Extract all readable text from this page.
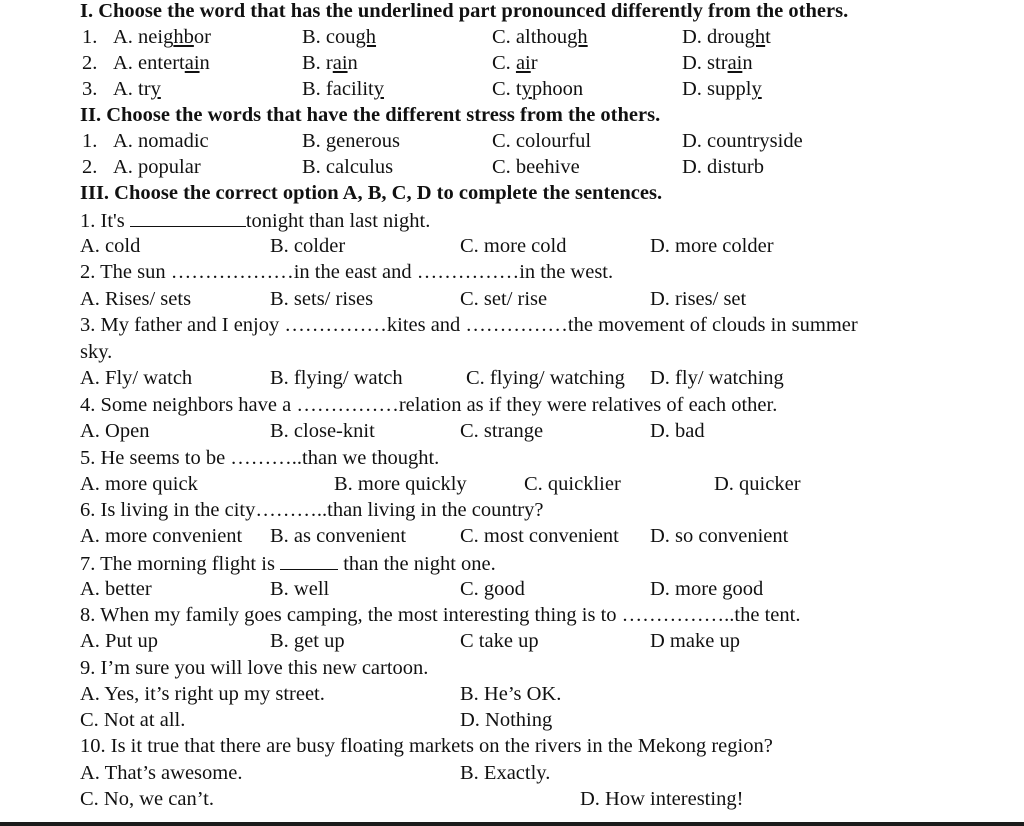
I. Choose the word that has the underlined part pronounced differently from the others.
1. A. neighbor	B. cough	C. although	D. drought
2. A. entertain	B. rain	C. air	D. strain
3. A. try	B. facility	C. typhoon	D. supply
II. Choose the words that have the different stress from the others.
1. A. nomadic	B. generous	C. colourful	D. countryside
2. A. popular	B. calculus	C. beehive	D. disturb
III. Choose the correct option A, B, C, D to complete the sentences.
1. It's	tonight than last night.
A. cold	B. colder	C. more cold	D. more colder
2. The sun ………………in the east and ……………in the west.
A. Rises/ sets	B. sets/ rises	C. set/ rise	D. rises/ set
3. My father and I enjoy ……………kites and ……………the movement of clouds in summer
sky.
A. Fly/ watch	B. flying/ watch	C. flying/ watching D. fly/ watching
4. Some neighbors have a ……………relation as if they were relatives of each other.
A. Open	B. close-knit	C. strange	D. bad
5. He seems to be ………..than we thought.
A. more quick	B. more quickly	C. quicklier	D. quicker
6. Is living in the city………..than living in the country?
A. more convenient B. as convenient	C. most convenient D. so convenient
7. The morning flight is	than the night one.
A. better	B. well	C. good	D. more good
8. When my family goes camping, the most interesting thing is to ……………..the tent.
A. Put up	B. get up	C take up	D make up
9. I’m sure you will love this new cartoon.
A. Yes, it’s right up my street.	B. He’s OK.
C. Not at all.	D. Nothing
10. Is it true that there are busy floating markets on the rivers in the Mekong region?
A. That’s awesome.	B. Exactly.
C. No, we can’t.	D. How interesting!
